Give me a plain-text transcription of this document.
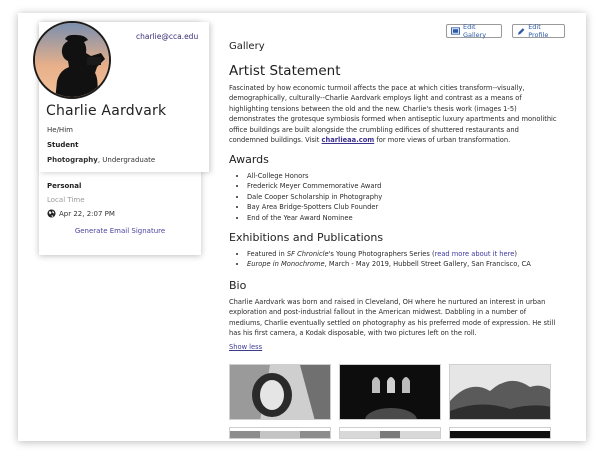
charlie@cca.edu
Charlie Aardvark
He/Him
Student
Photography, Undergraduate
Personal
Local Time
Apr 22, 2:07 PM
Generate Email Signature
Edit Gallery
Edit Profile
Gallery
Artist Statement
Fascinated by how economic turmoil affects the pace at which cities transform--visually, demographically, culturally--Charlie Aardvark employs light and contrast as a means of highlighting tensions between the old and the new. Charlie's thesis work (images 1-5) demonstrates the grotesque symbiosis formed when antiseptic luxury apartments and monolithic office buildings are built alongside the crumbling edifices of shuttered restaurants and condemned buildings. Visit charlieaa.com for more views of urban transformation.
Awards
• All-College Honors
• Frederick Meyer Commemorative Award
• Dale Cooper Scholarship in Photography
• Bay Area Bridge-Spotters Club Founder
• End of the Year Award Nominee
Exhibitions and Publications
• Featured in SF Chronicle's Young Photographers Series (read more about it here)
• Europe in Monochrome, March - May 2019, Hubbell Street Gallery, San Francisco, CA
Bio
Charlie Aardvark was born and raised in Cleveland, OH where he nurtured an interest in urban exploration and post-industrial fallout in the American midwest. Dabbling in a number of mediums, Charlie eventually settled on photography as his preferred mode of expression. He still has his first camera, a Kodak disposable, with two pictures left on the roll.
Show less
